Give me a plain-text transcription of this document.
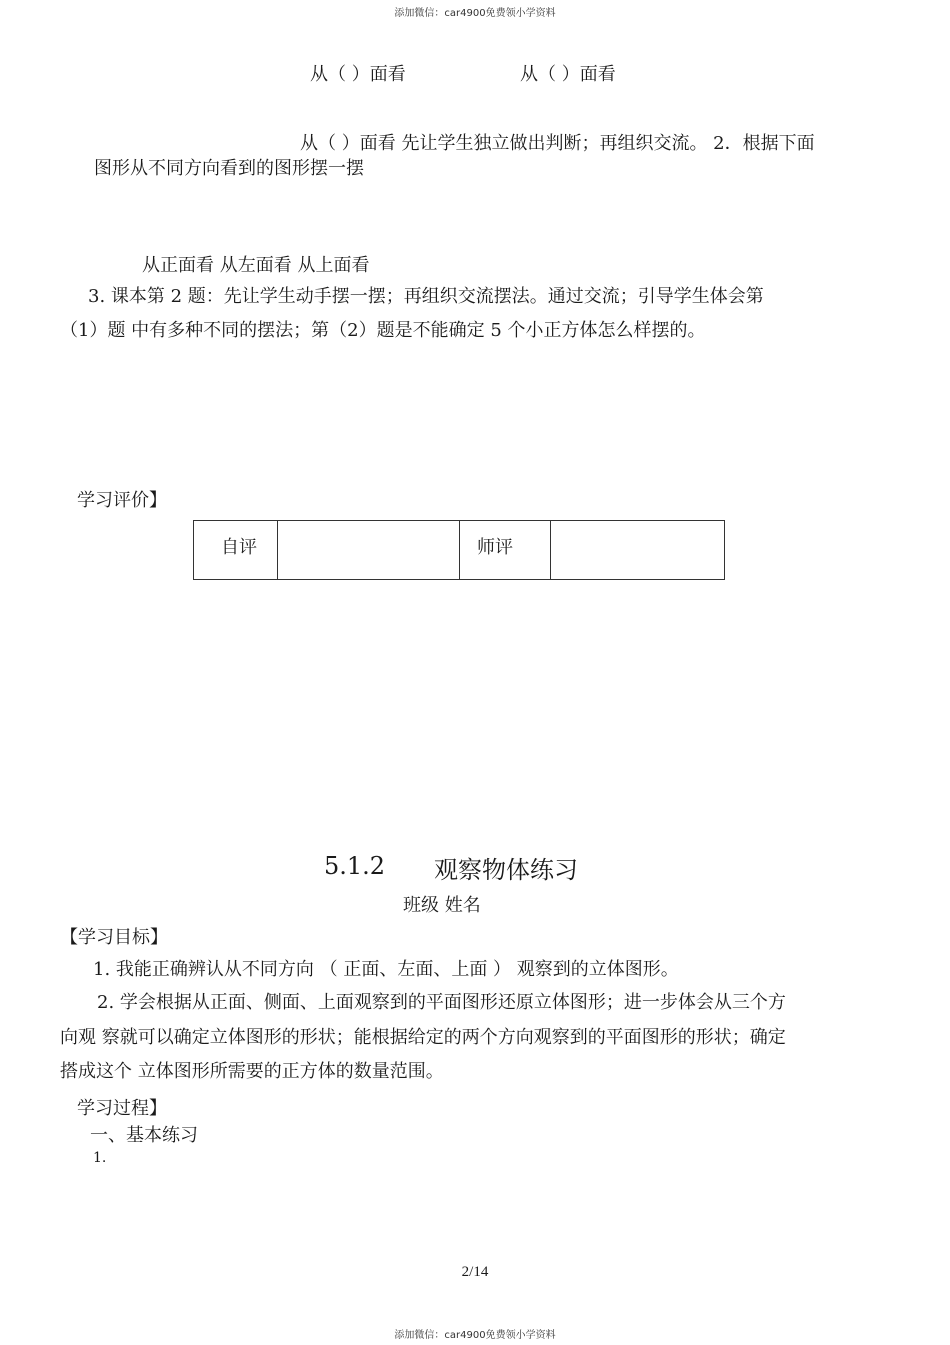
添加微信：car4900免费领小学资料
从（ ）面看	从（ ）面看
从（ ）面看 先让学生独立做出判断；再组织交流。 2．根据下面
图形从不同方向看到的图形摆一摆
从正面看 从左面看 从上面看
3. 课本第 2 题：先让学生动手摆一摆；再组织交流摆法。通过交流；引导学生体会第
（1）题 中有多种不同的摆法；第（2）题是不能确定 5 个小正方体怎么样摆的。
学习评价】
自评		师评	
5.1.2 观察物体练习
班级 姓名
【学习目标】
1. 我能正确辨认从不同方向 （ 正面、左面、上面 ） 观察到的立体图形。
2. 学会根据从正面、侧面、上面观察到的平面图形还原立体图形；进一步体会从三个方
向观 察就可以确定立体图形的形状；能根据给定的两个方向观察到的平面图形的形状；确定
搭成这个 立体图形所需要的正方体的数量范围。
学习过程】
一、基本练习
1.
2/14
添加微信：car4900免费领小学资料
